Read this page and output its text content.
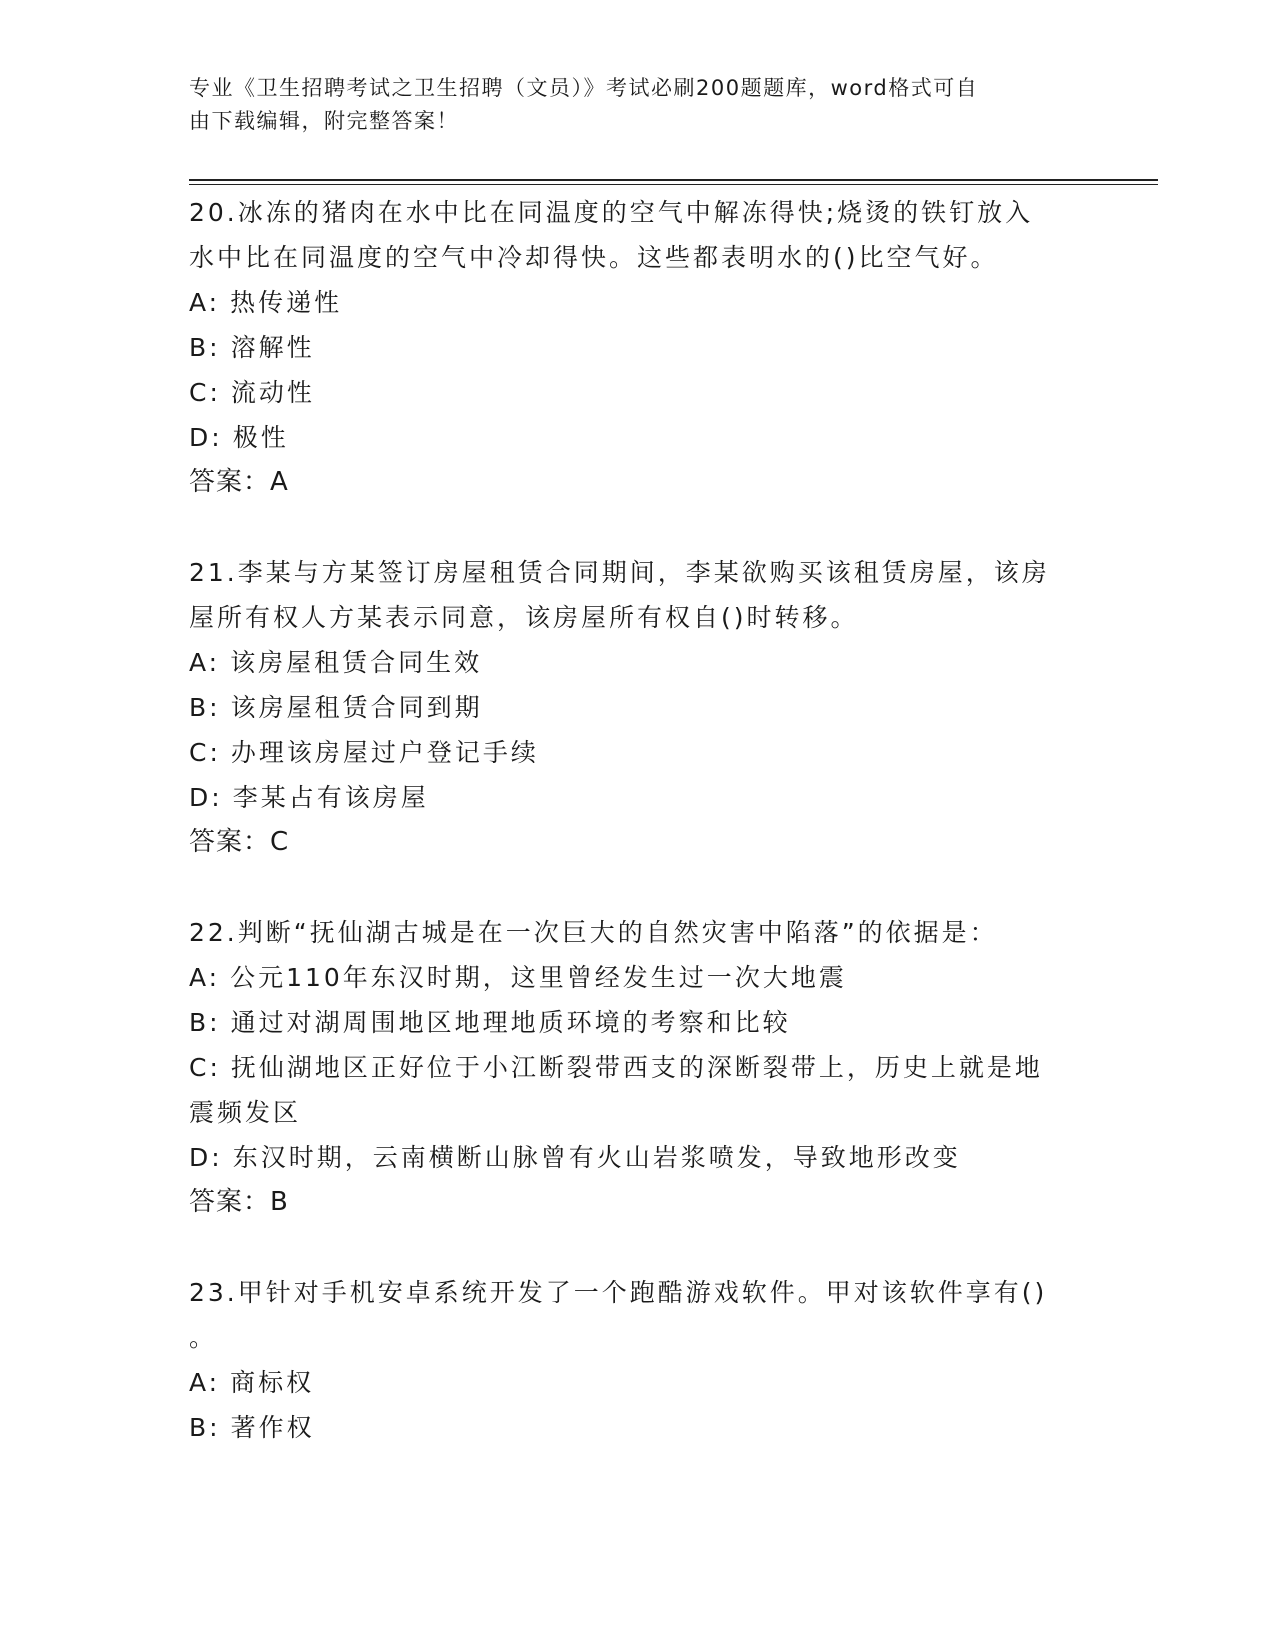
专业《卫生招聘考试之卫生招聘（文员）》考试必刷200题题库，word格式可自
由下载编辑，附完整答案！

20.冰冻的猪肉在水中比在同温度的空气中解冻得快;烧烫的铁钉放入

水中比在同温度的空气中冷却得快。这些都表明水的()比空气好。

A: 热传递性

B: 溶解性

C: 流动性

D: 极性

答案：A

21.李某与方某签订房屋租赁合同期间，李某欲购买该租赁房屋，该房

屋所有权人方某表示同意，该房屋所有权自()时转移。

A: 该房屋租赁合同生效

B: 该房屋租赁合同到期

C: 办理该房屋过户登记手续

D: 李某占有该房屋

答案：C

22.判断“抚仙湖古城是在一次巨大的自然灾害中陷落”的依据是：

A: 公元110年东汉时期，这里曾经发生过一次大地震

B: 通过对湖周围地区地理地质环境的考察和比较

C: 抚仙湖地区正好位于小江断裂带西支的深断裂带上，历史上就是地

震频发区

D: 东汉时期，云南横断山脉曾有火山岩浆喷发，导致地形改变

答案：B

23.甲针对手机安卓系统开发了一个跑酷游戏软件。甲对该软件享有()

。

A: 商标权

B: 著作权
